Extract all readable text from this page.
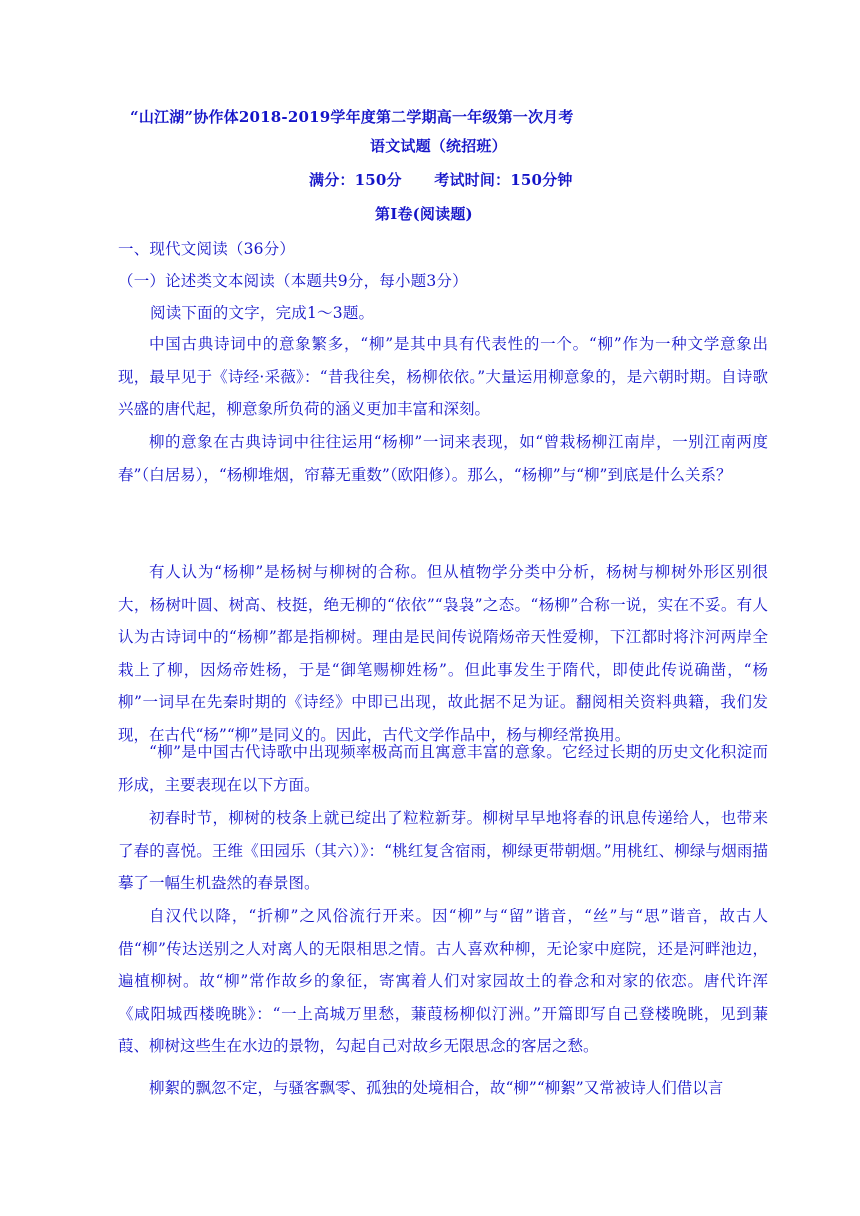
“山江湖”协作体2018-2019学年度第二学期高一年级第一次月考
语文试题（统招班）
满分：150分      考试时间：150分钟
第Ⅰ卷(阅读题)
一、现代文阅读（36分）
（一）论述类文本阅读（本题共9分，每小题3分）
阅读下面的文字，完成1～3题。
中国古典诗词中的意象繁多，“柳”是其中具有代表性的一个。“柳”作为一种文学意象出现，最早见于《诗经·采薇》：“昔我往矣，杨柳依依。”大量运用柳意象的，是六朝时期。自诗歌兴盛的唐代起，柳意象所负荷的涵义更加丰富和深刻。
柳的意象在古典诗词中往往运用“杨柳”一词来表现，如“曾栽杨柳江南岸，一别江南两度春”（白居易），“杨柳堆烟，帘幕无重数”（欧阳修）。那么，“杨柳”与“柳”到底是什么关系？
有人认为“杨柳”是杨树与柳树的合称。但从植物学分类中分析，杨树与柳树外形区别很大，杨树叶圆、树高、枝挺，绝无柳的“依依”“袅袅”之态。“杨柳”合称一说，实在不妥。有人认为古诗词中的“杨柳”都是指柳树。理由是民间传说隋炀帝天性爱柳，下江都时将汴河两岸全栽上了柳，因炀帝姓杨，于是“御笔赐柳姓杨”。但此事发生于隋代，即使此传说确凿，“杨柳”一词早在先秦时期的《诗经》中即已出现，故此据不足为证。翻阅相关资料典籍，我们发现，在古代“杨”“柳”是同义的。因此，古代文学作品中，杨与柳经常换用。
“柳”是中国古代诗歌中出现频率极高而且寓意丰富的意象。它经过长期的历史文化积淀而形成，主要表现在以下方面。
初春时节，柳树的枝条上就已绽出了粒粒新芽。柳树早早地将春的讯息传递给人，也带来了春的喜悦。王维《田园乐（其六）》：“桃红复含宿雨，柳绿更带朝烟。”用桃红、柳绿与烟雨描摹了一幅生机盎然的春景图。
自汉代以降，“折柳”之风俗流行开来。因“柳”与“留”谐音，“丝”与“思”谐音，故古人借“柳”传达送别之人对离人的无限相思之情。古人喜欢种柳，无论家中庭院，还是河畔池边，遍植柳树。故“柳”常作故乡的象征，寄寓着人们对家园故土的眷念和对家的依恋。唐代许浑《咸阳城西楼晚眺》：“一上高城万里愁，蒹葭杨柳似汀洲。”开篇即写自己登楼晚眺，见到蒹葭、柳树这些生在水边的景物，勾起自己对故乡无限思念的客居之愁。
柳絮的飘忽不定，与骚客飘零、孤独的处境相合，故“柳”“柳絮”又常被诗人们借以言
